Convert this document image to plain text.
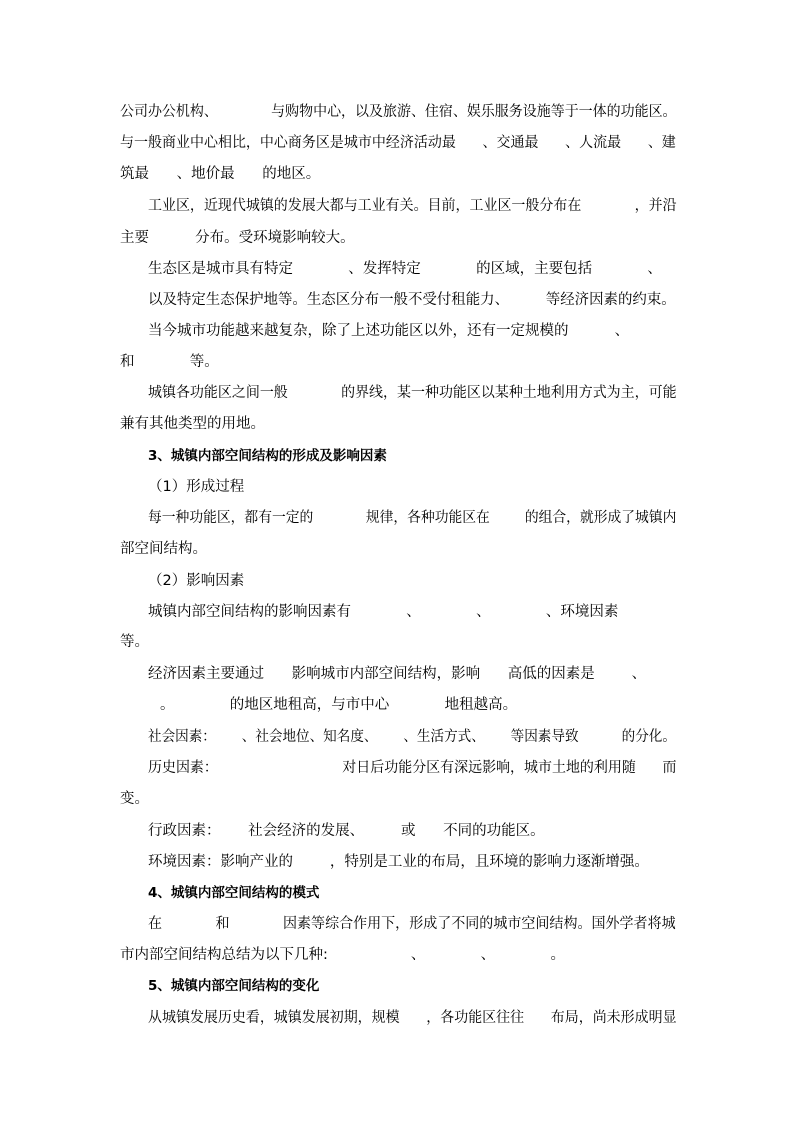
公司办公机构、            与购物中心，以及旅游、住宿、娱乐服务设施等于一体的功能区。
与一般商业中心相比，中心商务区是城市中经济活动最      、交通最      、人流最      、建
筑最      、地价最      的地区。
工业区，近现代城镇的发展大都与工业有关。目前，工业区一般分布在            ，并沿
主要          分布。受环境影响较大。
生态区是城市具有特定            、发挥特定            的区域，主要包括            、
以及特定生态保护地等。生态区分布一般不受付租能力、        等经济因素的约束。
当今城市功能越来越复杂，除了上述功能区以外，还有一定规模的          、
和            等。
城镇各功能区之间一般            的界线，某一种功能区以某种土地利用方式为主，可能
兼有其他类型的用地。
3、城镇内部空间结构的形成及影响因素
（1）形成过程
每一种功能区，都有一定的            规律，各种功能区在        的组合，就形成了城镇内
部空间结构。
（2）影响因素
城镇内部空间结构的影响因素有            、            、            、环境因素
等。
经济因素主要通过      影响城市内部空间结构，影响      高低的因素是        、
。            的地区地租高，与市中心            地租越高。
社会因素：      、社会地位、知名度、      、生活方式、      等因素导致          的分化。
历史因素：                            对日后功能分区有深远影响，城市土地的利用随      而
变。
行政因素：      社会经济的发展、        或      不同的功能区。
环境因素：影响产业的        ，特别是工业的布局，且环境的影响力逐渐增强。
4、城镇内部空间结构的模式
在            和            因素等综合作用下，形成了不同的城市空间结构。国外学者将城
市内部空间结构总结为以下几种:                  、            、            。
5、城镇内部空间结构的变化
从城镇发展历史看，城镇发展初期，规模      ，各功能区往往      布局，尚未形成明显
